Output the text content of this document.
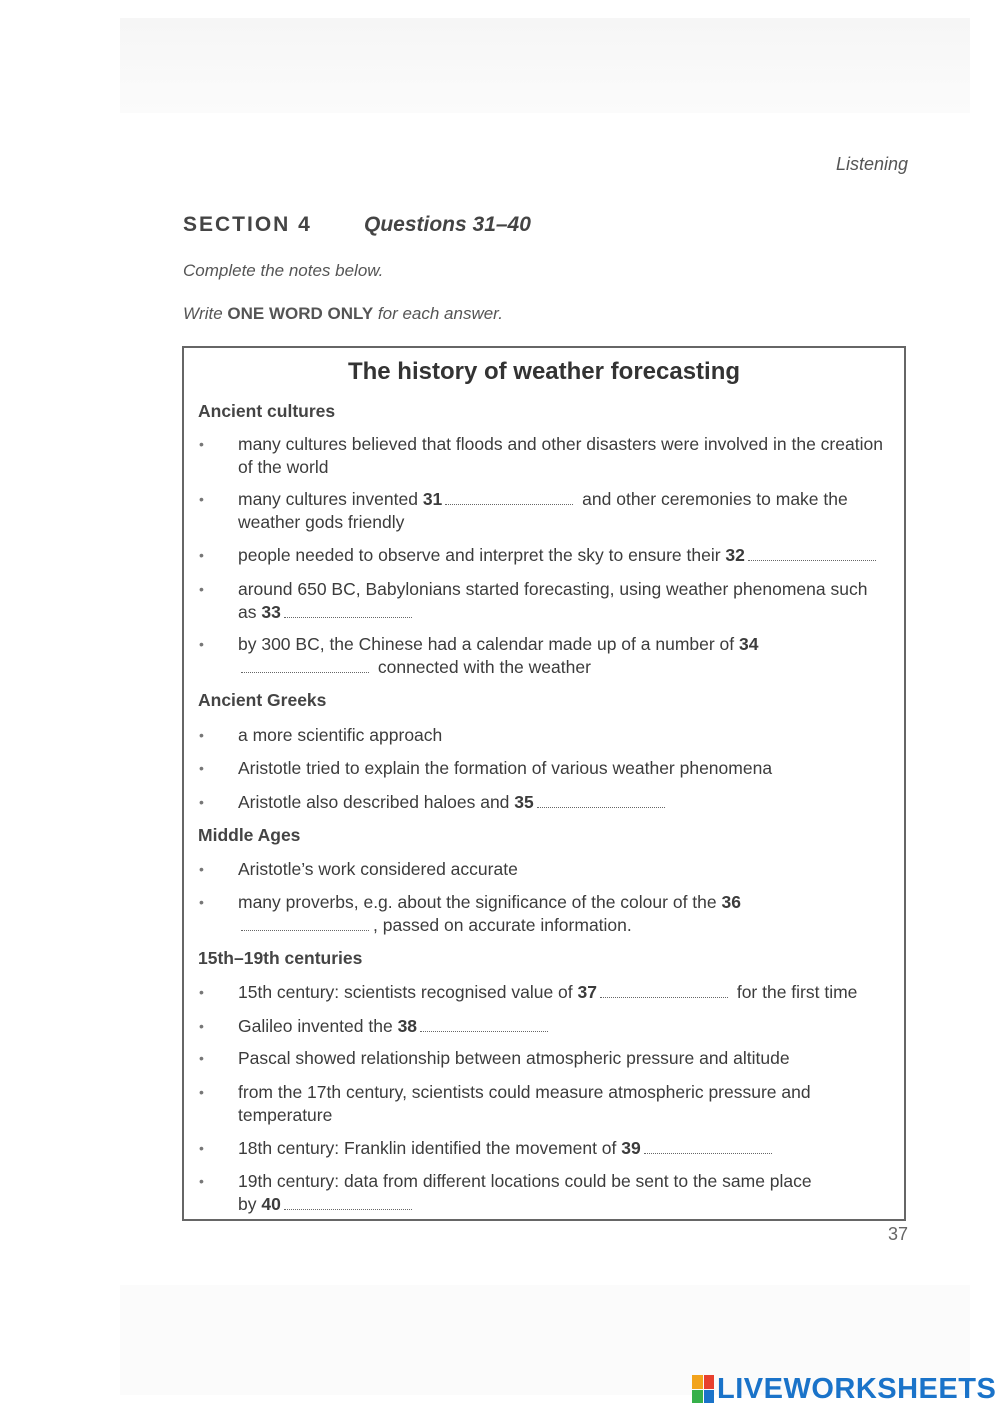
Listening
SECTION 4 Questions 31–40
Complete the notes below.
Write ONE WORD ONLY for each answer.
The history of weather forecasting
Ancient cultures
• many cultures believed that floods and other disasters were involved in the creation of the world
• many cultures invented 31	and other ceremonies to make the weather gods friendly
• people needed to observe and interpret the sky to ensure their 32
• around 650 BC, Babylonians started forecasting, using weather phenomena such as 33
• by 300 BC, the Chinese had a calendar made up of a number of 34 connected with the weather
Ancient Greeks
• a more scientific approach
• Aristotle tried to explain the formation of various weather phenomena
• Aristotle also described haloes and 35
Middle Ages
• Aristotle’s work considered accurate
• many proverbs, e.g. about the significance of the colour of the 36, passed on accurate information.
15th–19th centuries
• 15th century: scientists recognised value of 37	for the first time
• Galileo invented the 38
• Pascal showed relationship between atmospheric pressure and altitude
• from the 17th century, scientists could measure atmospheric pressure and temperature
• 18th century: Franklin identified the movement of 39
• 19th century: data from different locations could be sent to the same place by 40
37
LIVEWORKSHEETS
